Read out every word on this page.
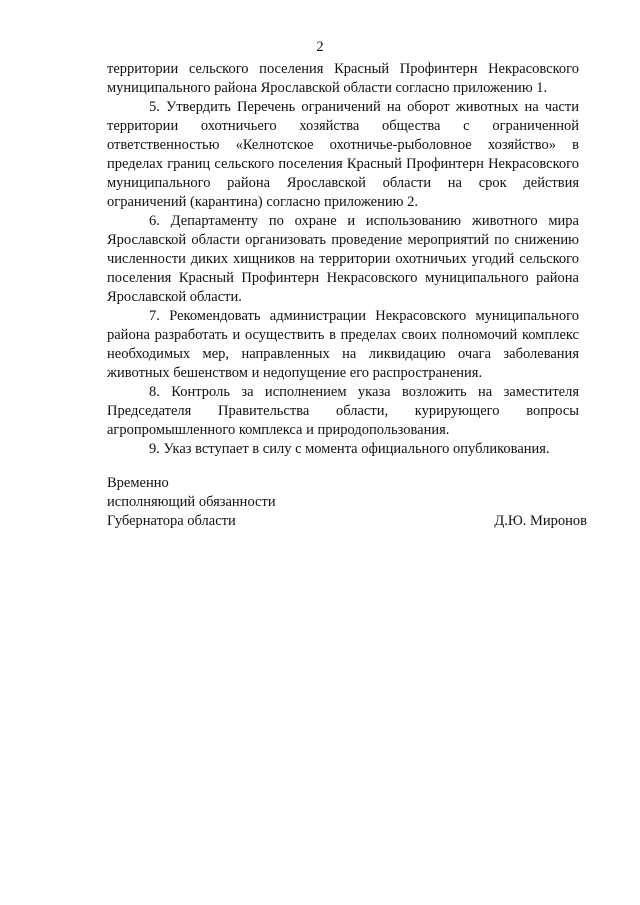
2

территории сельского поселения Красный Профинтерн Некрасовского муниципального района Ярославской области согласно приложению 1.

5. Утвердить Перечень ограничений на оборот животных на части территории охотничьего хозяйства общества с ограниченной ответственностью «Келнотское охотничье-рыболовное хозяйство» в пределах границ сельского поселения Красный Профинтерн Некрасовского муниципального района Ярославской области на срок действия ограничений (карантина) согласно приложению 2.

6. Департаменту по охране и использованию животного мира Ярославской области организовать проведение мероприятий по снижению численности диких хищников на территории охотничьих угодий сельского поселения Красный Профинтерн Некрасовского муниципального района Ярославской области.

7. Рекомендовать администрации Некрасовского муниципального района разработать и осуществить в пределах своих полномочий комплекс необходимых мер, направленных на ликвидацию очага заболевания животных бешенством и недопущение его распространения.

8. Контроль за исполнением указа возложить на заместителя Председателя Правительства области, курирующего вопросы агропромышленного комплекса и природопользования.

9. Указ вступает в силу с момента официального опубликования.

Временно
исполняющий обязанности
Губернатора области	Д.Ю. Миронов
